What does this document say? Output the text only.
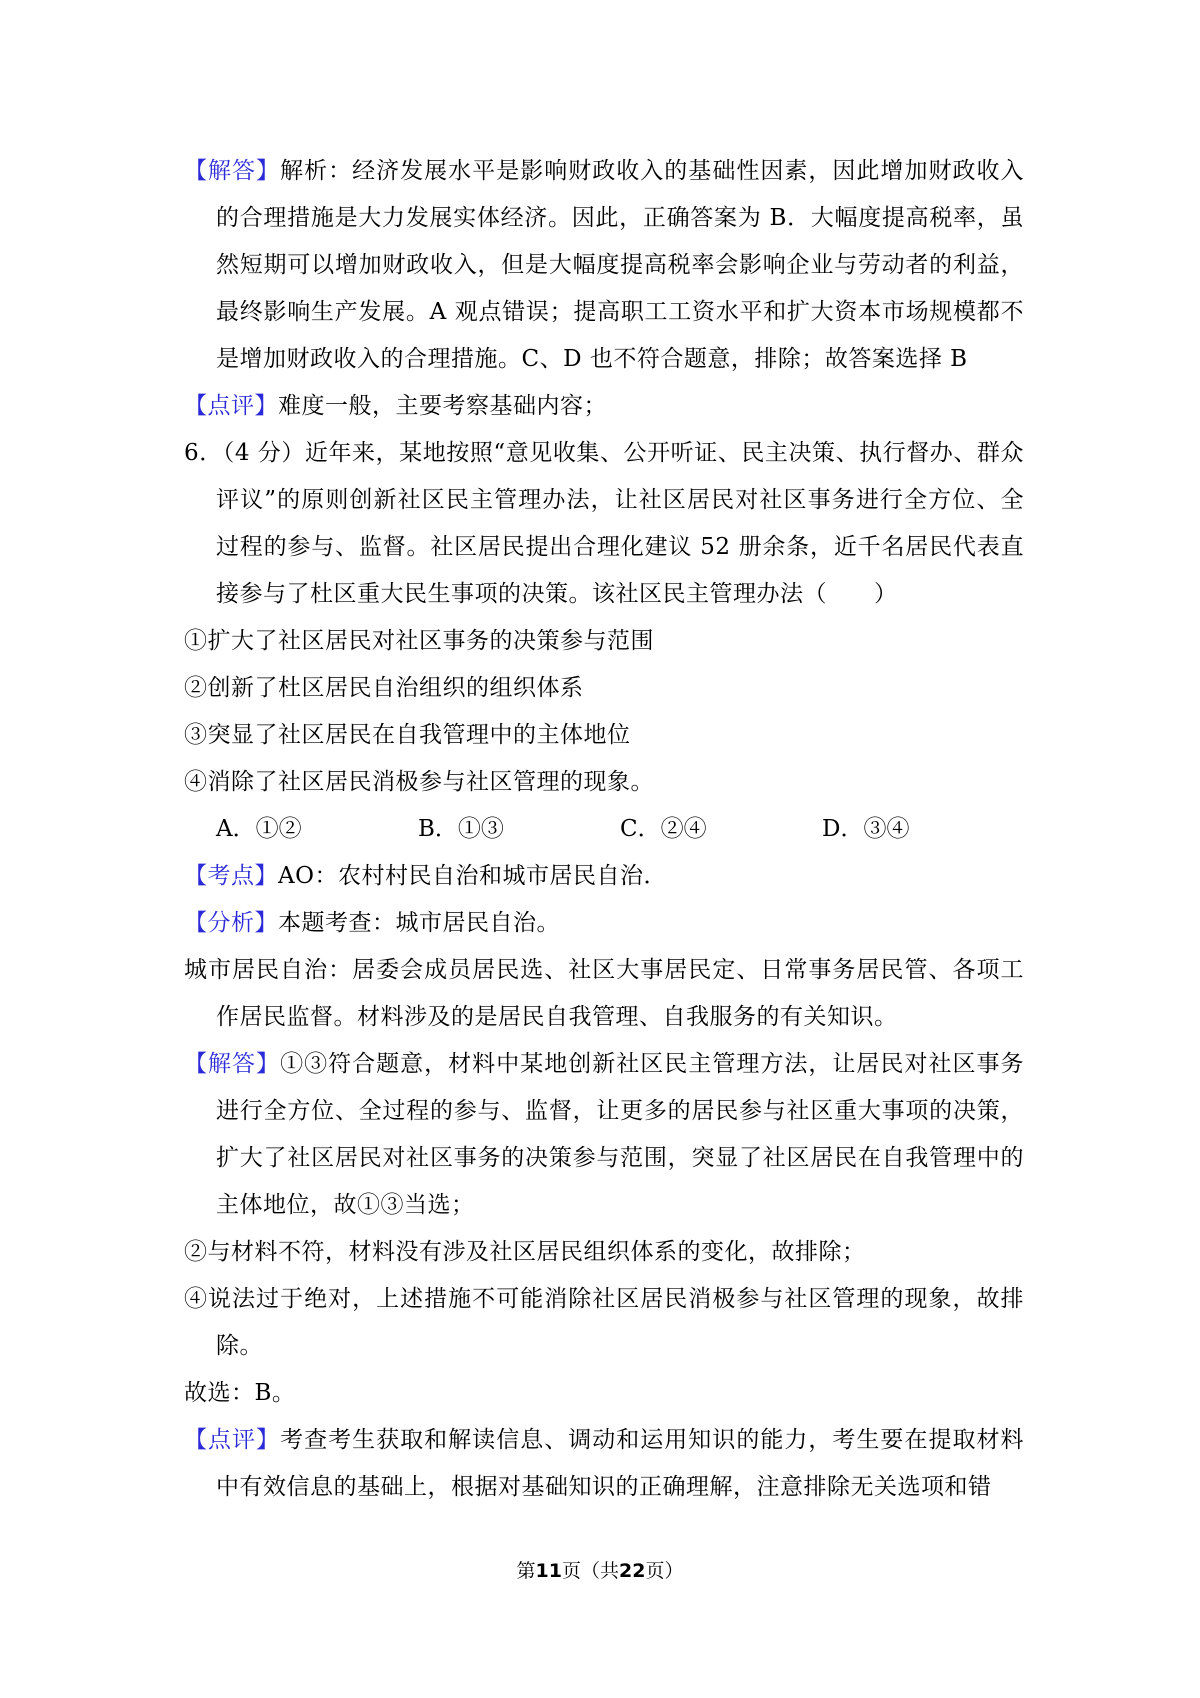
【解答】解析：经济发展水平是影响财政收入的基础性因素，因此增加财政收入的合理措施是大力发展实体经济。因此，正确答案为 B．大幅度提高税率，虽然短期可以增加财政收入，但是大幅度提高税率会影响企业与劳动者的利益，最终影响生产发展。A 观点错误；提高职工工资水平和扩大资本市场规模都不是增加财政收入的合理措施。C、D 也不符合题意，排除；故答案选择 B

【点评】难度一般，主要考察基础内容；

6．（4 分）近年来，某地按照“意见收集、公开听证、民主决策、执行督办、群众评议”的原则创新社区民主管理办法，让社区居民对社区事务进行全方位、全过程的参与、监督。社区居民提出合理化建议 52 册余条，近千名居民代表直接参与了杜区重大民生事项的决策。该社区民主管理办法（　　）

①扩大了社区居民对社区事务的决策参与范围

②创新了杜区居民自治组织的组织体系

③突显了社区居民在自我管理中的主体地位

④消除了社区居民消极参与社区管理的现象。

A．①②	B．①③	C．②④	D．③④

【考点】AO：农村村民自治和城市居民自治．

【分析】本题考查：城市居民自治。

城市居民自治：居委会成员居民选、社区大事居民定、日常事务居民管、各项工作居民监督。材料涉及的是居民自我管理、自我服务的有关知识。

【解答】①③符合题意，材料中某地创新社区民主管理方法，让居民对社区事务进行全方位、全过程的参与、监督，让更多的居民参与社区重大事项的决策，扩大了社区居民对社区事务的决策参与范围，突显了社区居民在自我管理中的主体地位，故①③当选；

②与材料不符，材料没有涉及社区居民组织体系的变化，故排除；

④说法过于绝对，上述措施不可能消除社区居民消极参与社区管理的现象，故排除。

故选：B。

【点评】考查考生获取和解读信息、调动和运用知识的能力，考生要在提取材料中有效信息的基础上，根据对基础知识的正确理解，注意排除无关选项和错

第11页（共22页）
